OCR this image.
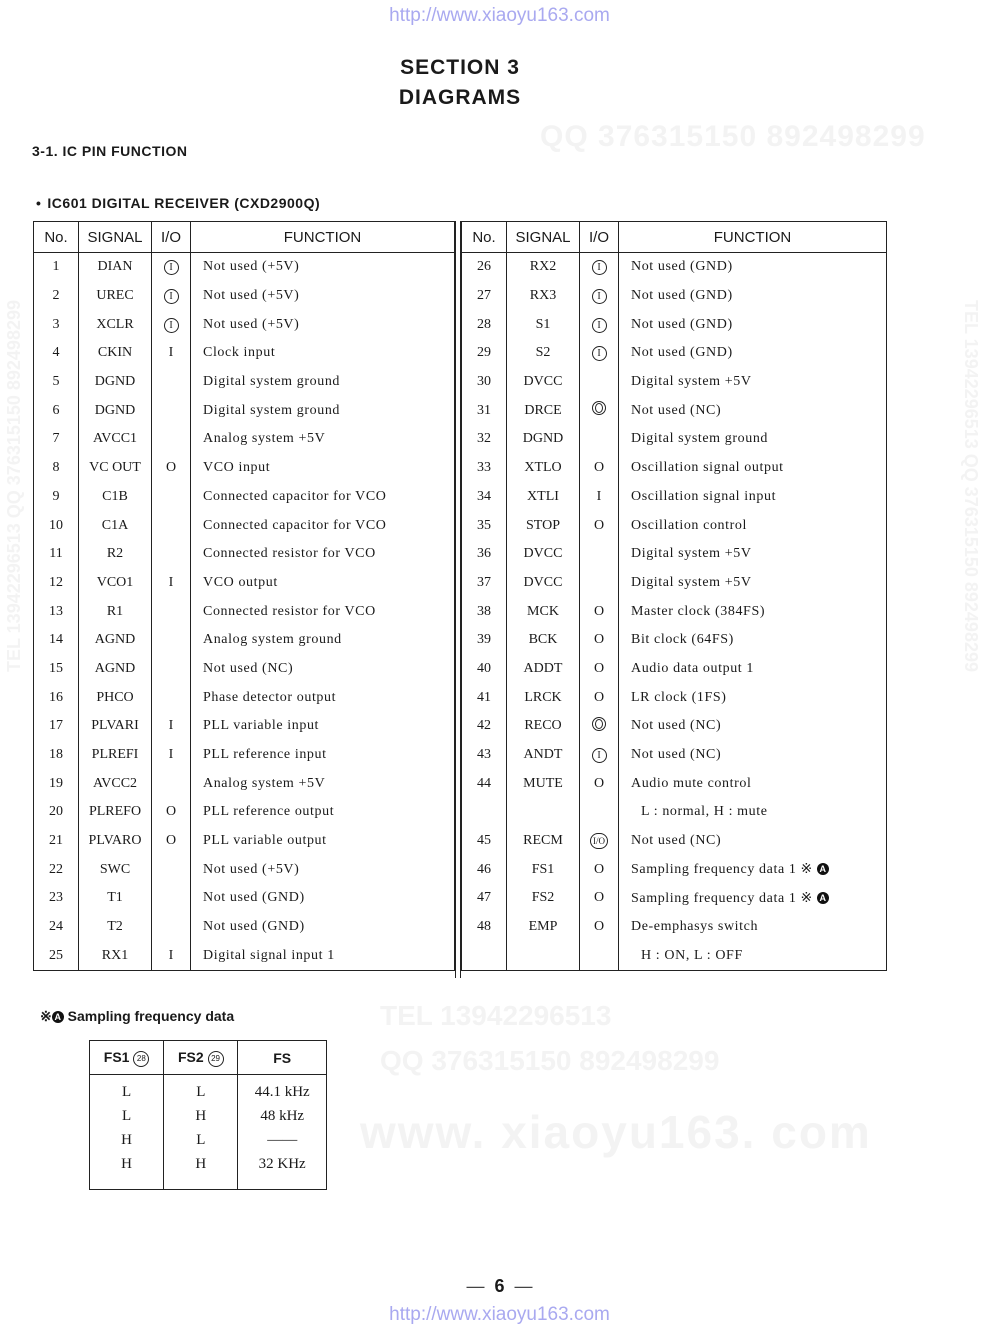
http://www.xiaoyu163.com
QQ 376315150 892498299
TEL 13942296513
QQ 376315150 892498299
TEL 13942296513 QQ 376315150 892498299
TEL 13942296513 QQ 376315150 892498299
www. xiaoyu163. com
SECTION 3
DIAGRAMS
3-1. IC PIN FUNCTION
• IC601 DIGITAL RECEIVER (CXD2900Q)
No.	SIGNAL	I/O	FUNCTION
1	DIAN	I	Not used (+5V)
2	UREC	I	Not used (+5V)
3	XCLR	I	Not used (+5V)
4	CKIN	I	Clock input
5	DGND		Digital system ground
6	DGND		Digital system ground
7	AVCC1		Analog system +5V
8	VC OUT	O	VCO input
9	C1B		Connected capacitor for VCO
10	C1A		Connected capacitor for VCO
11	R2		Connected resistor for VCO
12	VCO1	I	VCO output
13	R1		Connected resistor for VCO
14	AGND		Analog system ground
15	AGND		Not used (NC)
16	PHCO		Phase detector output
17	PLVARI	I	PLL variable input
18	PLREFI	I	PLL reference input
19	AVCC2		Analog system +5V
20	PLREFO	O	PLL reference output
21	PLVARO	O	PLL variable output
22	SWC		Not used (+5V)
23	T1		Not used (GND)
24	T2		Not used (GND)
25	RX1	I	Digital signal input 1
No.	SIGNAL	I/O	FUNCTION
26	RX2	I	Not used (GND)
27	RX3	I	Not used (GND)
28	S1	I	Not used (GND)
29	S2	I	Not used (GND)
30	DVCC		Digital system +5V
31	DRCE		Not used (NC)
32	DGND		Digital system ground
33	XTLO	O	Oscillation signal output
34	XTLI	I	Oscillation signal input
35	STOP	O	Oscillation control
36	DVCC		Digital system +5V
37	DVCC		Digital system +5V
38	MCK	O	Master clock (384FS)
39	BCK	O	Bit clock (64FS)
40	ADDT	O	Audio data output 1
41	LRCK	O	LR clock (1FS)
42	RECO		Not used (NC)
43	ANDT	I	Not used (NC)
44	MUTE	O	Audio mute control
			L : normal, H : mute
45	RECM	I/O	Not used (NC)
46	FS1	O	Sampling frequency data 1 ※ A
47	FS2	O	Sampling frequency data 1 ※ A
48	EMP	O	De-emphasys switch
			H : ON, L : OFF
※ A Sampling frequency data
FS1 28	FS2 29	FS
L	L	44.1 kHz
L	H	48 kHz
H	L	——
H	H	32 KHz
— 6 —
http://www.xiaoyu163.com
